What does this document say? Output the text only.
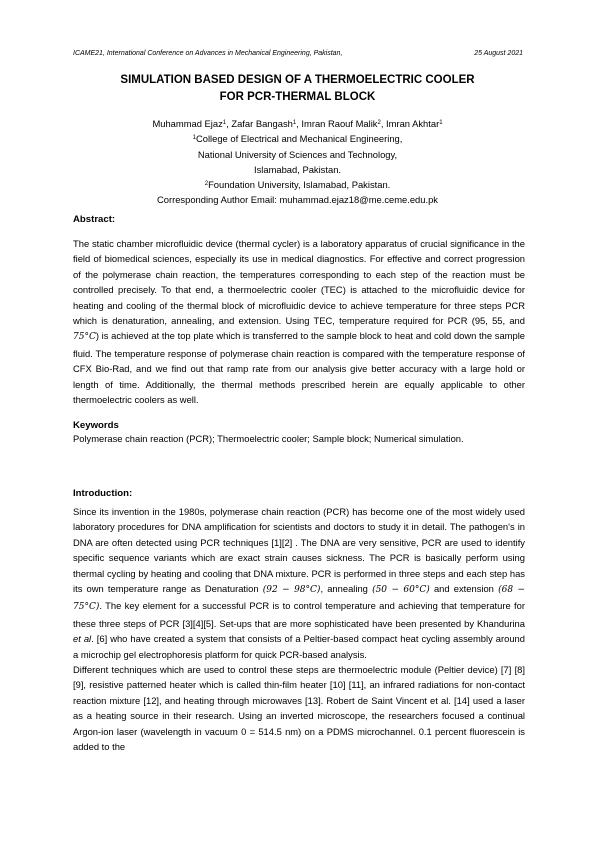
ICAME21, International Conference on Advances in Mechanical Engineering, Pakistan,	25 August 2021
SIMULATION BASED DESIGN OF A THERMOELECTRIC COOLER
FOR PCR-THERMAL BLOCK
Muhammad Ejaz$^1$, Zafar Bangash$^1$, Imran Raouf Malik$^2$, Imran Akhtar$^1$
$^1$College of Electrical and Mechanical Engineering,
National University of Sciences and Technology,
Islamabad, Pakistan.
$^2$Foundation University, Islamabad, Pakistan.
Corresponding Author Email: muhammad.ejaz18@me.ceme.edu.pk
Abstract:

The static chamber microfluidic device (thermal cycler) is a laboratory apparatus of crucial significance in the field of biomedical sciences, especially its use in medical diagnostics. For effective and correct progression of the polymerase chain reaction, the temperatures corresponding to each step of the reaction must be controlled precisely. To that end, a thermoelectric cooler (TEC) is attached to the microfluidic device for heating and cooling of the thermal block of microfluidic device to achieve temperature for three steps PCR which is denaturation, annealing, and extension. Using TEC, temperature required for PCR (95, 55, and 75°C) is achieved at the top plate which is transferred to the sample block to heat and cold down the sample fluid. The temperature response of polymerase chain reaction is compared with the temperature response of CFX Bio-Rad, and we find out that ramp rate from our analysis give better accuracy with a large hold or length of time. Additionally, the thermal methods prescribed herein are equally applicable to other thermoelectric coolers as well.

Keywords
Polymerase chain reaction (PCR); Thermoelectric cooler; Sample block; Numerical simulation.
Introduction:

Since its invention in the 1980s, polymerase chain reaction (PCR) has become one of the most widely used laboratory procedures for DNA amplification for scientists and doctors to study it in detail. The pathogen's in DNA are often detected using PCR techniques [1][2] . The DNA are very sensitive, PCR are used to identify specific sequence variants which are exact strain causes sickness. The PCR is basically perform using thermal cycling by heating and cooling that DNA mixture. PCR is performed in three steps and each step has its own temperature range as Denaturation (92 − 98°C), annealing (50 − 60°C) and extension (68 − 75°C). The key element for a successful PCR is to control temperature and achieving that temperature for these three steps of PCR [3][4][5]. Set-ups that are more sophisticated have been presented by Khandurina et al. [6] who have created a system that consists of a Peltier-based compact heat cycling assembly around a microchip gel electrophoresis platform for quick PCR-based analysis.

Different techniques which are used to control these steps are thermoelectric module (Peltier device) [7] [8] [9], resistive patterned heater which is called thin-film heater [10] [11], an infrared radiations for non-contact reaction mixture [12], and heating through microwaves [13]. Robert de Saint Vincent et al. [14] used a laser as a heating source in their research. Using an inverted microscope, the researchers focused a continual Argon-ion laser (wavelength in vacuum 0 = 514.5 nm) on a PDMS microchannel. 0.1 percent fluorescein is added to the
